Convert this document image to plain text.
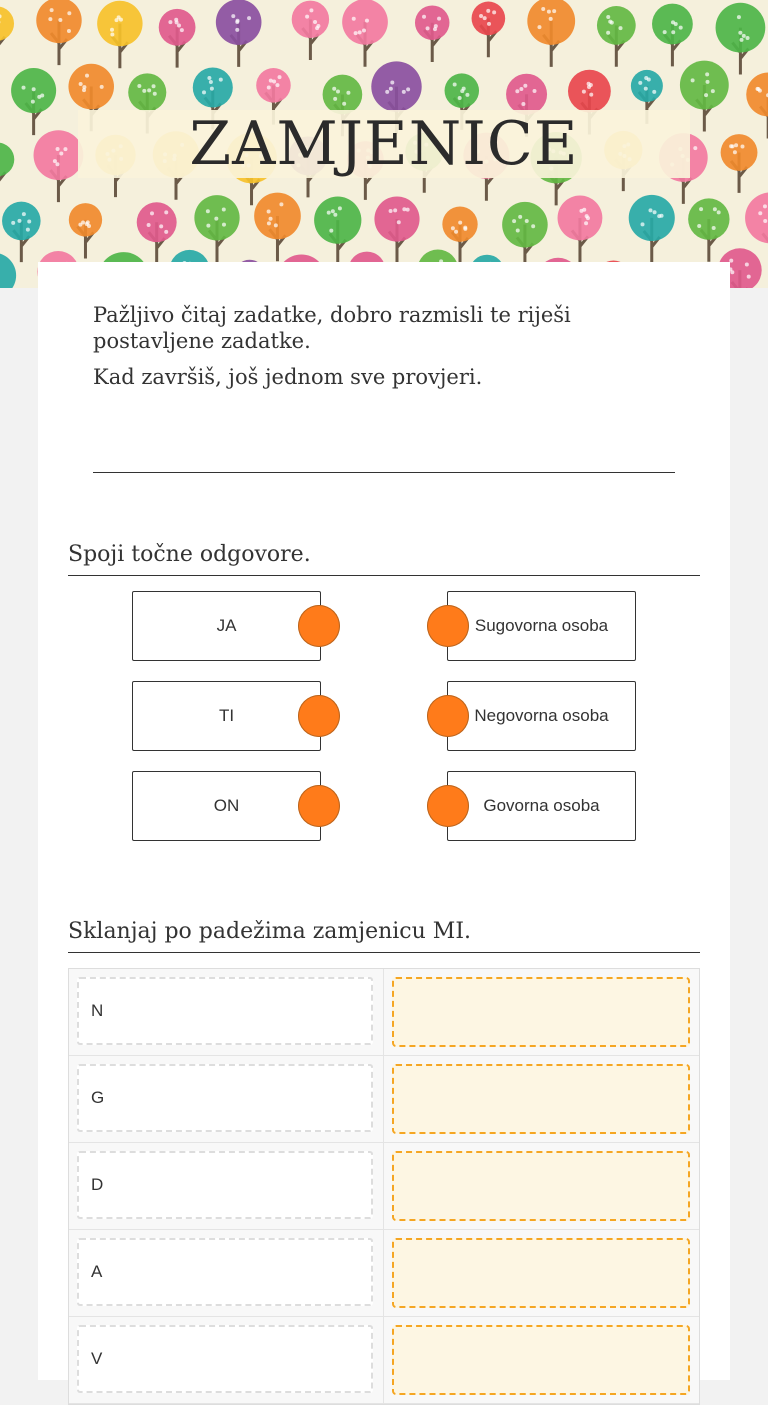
ZAMJENICE

Pažljivo čitaj zadatke, dobro razmisli te riješi postavljene zadatke.

Kad završiš, još jednom sve provjeri.

Spoji točne odgovore.
JA
TI
ON
Sugovorna osoba
Negovorna osoba
Govorna osoba
Sklanjaj po padežima zamjenicu MI.
N
G
D
A
V
